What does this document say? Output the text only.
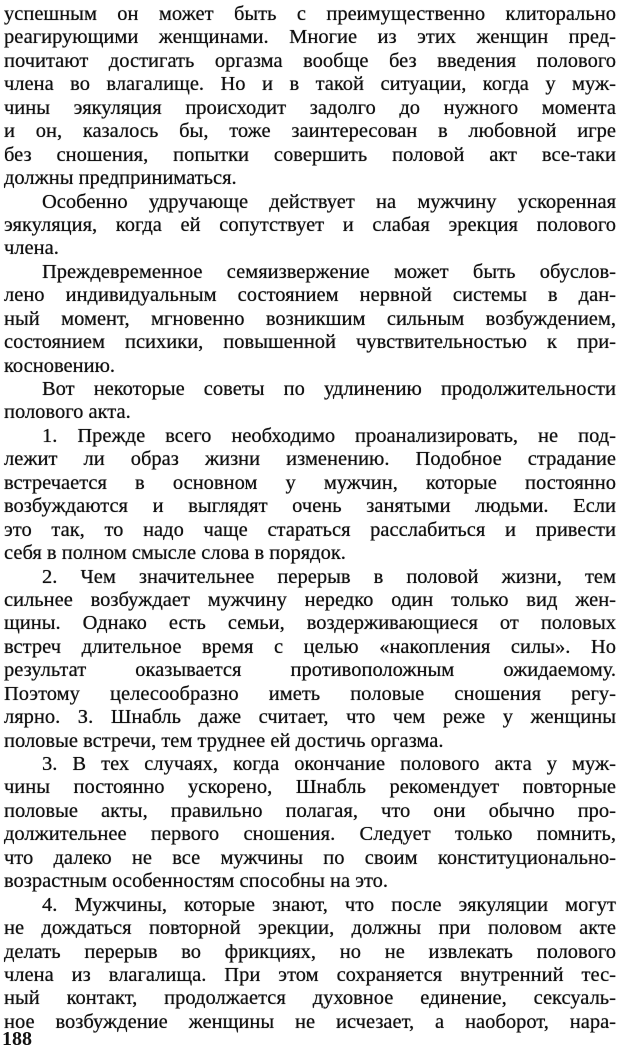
успешным он может быть с преимущественно клиторально
реагирующими женщинами. Многие из этих женщин пред-
почитают достигать оргазма вообще без введения полового
члена во влагалище. Но и в такой ситуации, когда у муж-
чины эякуляция происходит задолго до нужного момента
и он, казалось бы, тоже заинтересован в любовной игре
без сношения, попытки совершить половой акт все-таки
должны предприниматься.
Особенно удручающе действует на мужчину ускоренная
эякуляция, когда ей сопутствует и слабая эрекция полового
члена.
Преждевременное семяизвержение может быть обуслов-
лено индивидуальным состоянием нервной системы в дан-
ный момент, мгновенно возникшим сильным возбуждением,
состоянием психики, повышенной чувствительностью к при-
косновению.
Вот некоторые советы по удлинению продолжительности
полового акта.
1. Прежде всего необходимо проанализировать, не под-
лежит ли образ жизни изменению. Подобное страдание
встречается в основном у мужчин, которые постоянно
возбуждаются и выглядят очень занятыми людьми. Если
это так, то надо чаще стараться расслабиться и привести
себя в полном смысле слова в порядок.
2. Чем значительнее перерыв в половой жизни, тем
сильнее возбуждает мужчину нередко один только вид жен-
щины. Однако есть семьи, воздерживающиеся от половых
встреч длительное время с целью «накопления силы». Но
результат оказывается противоположным ожидаемому.
Поэтому целесообразно иметь половые сношения регу-
лярно. З. Шнабль даже считает, что чем реже у женщины
половые встречи, тем труднее ей достичь оргазма.
3. В тех случаях, когда окончание полового акта у муж-
чины постоянно ускорено, Шнабль рекомендует повторные
половые акты, правильно полагая, что они обычно про-
должительнее первого сношения. Следует только помнить,
что далеко не все мужчины по своим конституционально-
возрастным особенностям способны на это.
4. Мужчины, которые знают, что после эякуляции могут
не дождаться повторной эрекции, должны при половом акте
делать перерыв во фрикциях, но не извлекать полового
члена из влагалища. При этом сохраняется внутренний тес-
ный контакт, продолжается духовное единение, сексуаль-
ное возбуждение женщины не исчезает, а наоборот, нара-
188
